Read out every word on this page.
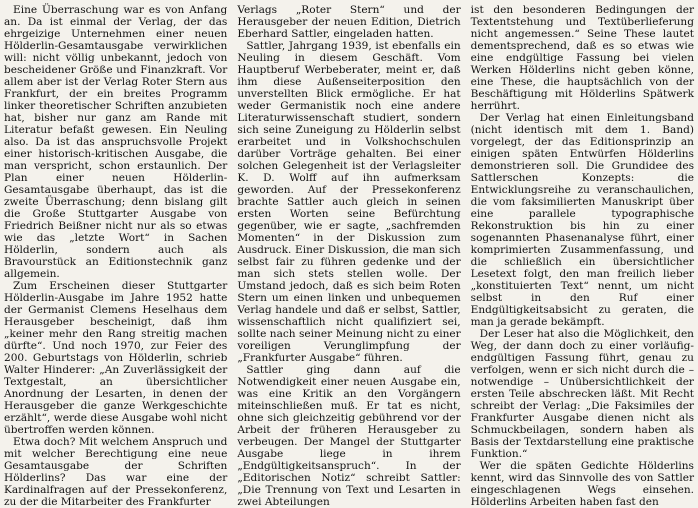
Eine Überraschung war es von Anfang an. Da ist einmal der Verlag, der das ehrgeizige Unternehmen einer neuen Hölderlin-Gesamtausgabe verwirklichen will: nicht völlig unbekannt, jedoch von bescheidener Größe und Finanzkraft. Vor allem aber ist der Verlag Roter Stern aus Frankfurt, der ein breites Programm linker theoretischer Schriften anzubieten hat, bisher nur ganz am Rande mit Literatur befaßt gewesen. Ein Neuling also. Da ist das anspruchsvolle Projekt einer historisch-kritischen Ausgabe, die man verspricht, schon erstaunlich. Der Plan einer neuen Hölderlin-Gesamtausgabe überhaupt, das ist die zweite Überraschung; denn bislang gilt die Große Stuttgarter Ausgabe von Friedrich Beißner nicht nur als so etwas wie das „letzte Wort“ in Sachen Hölderlin, sondern auch als Bravourstück an Editionstechnik ganz allgemein.

Zum Erscheinen dieser Stuttgarter Hölderlin-Ausgabe im Jahre 1952 hatte der Germanist Clemens Heselhaus dem Herausgeber bescheinigt, daß ihm „keiner mehr den Rang streitig machen dürfte“. Und noch 1970, zur Feier des 200. Geburtstags von Hölderlin, schrieb Walter Hinderer: „An Zuverlässigkeit der Textgestalt, an übersichtlicher Anordnung der Lesarten, in denen der Herausgeber die ganze Werkgeschichte erzählt“, werde diese Ausgabe wohl nicht übertroffen werden können.

Etwa doch? Mit welchem Anspruch und mit welcher Berechtigung eine neue Gesamtausgabe der Schriften Hölderlins? Das war eine der Kardinalfragen auf der Pressekonferenz, zu der die Mitarbeiter des Frankfurter

Verlags „Roter Stern“ und der Herausgeber der neuen Edition, Dietrich Eberhard Sattler, eingeladen hatten.

Sattler, Jahrgang 1939, ist ebenfalls ein Neuling in diesem Geschäft. Vom Hauptberuf Werbeberater, meint er, daß ihm diese Außenseiterposition den unverstellten Blick ermögliche. Er hat weder Germanistik noch eine andere Literaturwissenschaft studiert, sondern sich seine Zuneigung zu Hölderlin selbst erarbeitet und in Volkshochschulen darüber Vorträge gehalten. Bei einer solchen Gelegenheit ist der Verlagsleiter K. D. Wolff auf ihn aufmerksam geworden. Auf der Pressekonferenz brachte Sattler auch gleich in seinen ersten Worten seine Befürchtung gegenüber, wie er sagte, „sachfremden Momenten“ in der Diskussion zum Ausdruck. Einer Diskussion, die man sich selbst fair zu führen gedenke und der man sich stets stellen wolle. Der Umstand jedoch, daß es sich beim Roten Stern um einen linken und unbequemen Verlag handele und daß er selbst, Sattler, wissenschaftlich nicht qualifiziert sei, sollte nach seiner Meinung nicht zu einer voreiligen Verunglimpfung der „Frankfurter Ausgabe“ führen.

Sattler ging dann auf die Notwendigkeit einer neuen Ausgabe ein, was eine Kritik an den Vorgängern miteinschließen muß. Er tat es nicht, ohne sich gleichzeitig gebührend vor der Arbeit der früheren Herausgeber zu verbeugen. Der Mangel der Stuttgarter Ausgabe liege in ihrem „Endgültigkeitsanspruch“. In der „Editorischen Notiz“ schreibt Sattler: „Die Trennung von Text und Lesarten in zwei Abteilungen

ist den besonderen Bedingungen der Textentstehung und Textüberlieferung nicht angemessen.“ Seine These lautet dementsprechend, daß es so etwas wie eine endgültige Fassung bei vielen Werken Hölderlins nicht geben könne, eine These, die hauptsächlich von der Beschäftigung mit Hölderlins Spätwerk herrührt.

Der Verlag hat einen Einleitungsband (nicht identisch mit dem 1. Band) vorgelegt, der das Editionsprinzip an einigen späten Entwürfen Hölderlins demonstrieren soll. Die Grundidee des Sattlerschen Konzepts: die Entwicklungsreihe zu veranschaulichen, die vom faksimilierten Manuskript über eine parallele typographische Rekonstruktion bis hin zu einer sogenannten Phasenanalyse führt, einer komprimierten Zusammenfassung, und die schließlich ein übersichtlicher Lesetext folgt, den man freilich lieber „konstituierten Text“ nennt, um nicht selbst in den Ruf einer Endgültigkeitsabsicht zu geraten, die man ja gerade bekämpft.

Der Leser hat also die Möglichkeit, den Weg, der dann doch zu einer vorläufig-endgültigen Fassung führt, genau zu verfolgen, wenn er sich nicht durch die – notwendige – Unübersichtlichkeit der ersten Teile abschrecken läßt. Mit Recht schreibt der Verlag: „Die Faksimiles der Frankfurter Ausgabe dienen nicht als Schmuckbeilagen, sondern haben als Basis der Textdarstellung eine praktische Funktion.“

Wer die späten Gedichte Hölderlins kennt, wird das Sinnvolle des von Sattler eingeschlagenen Wegs einsehen. Hölderlins Arbeiten haben fast den
